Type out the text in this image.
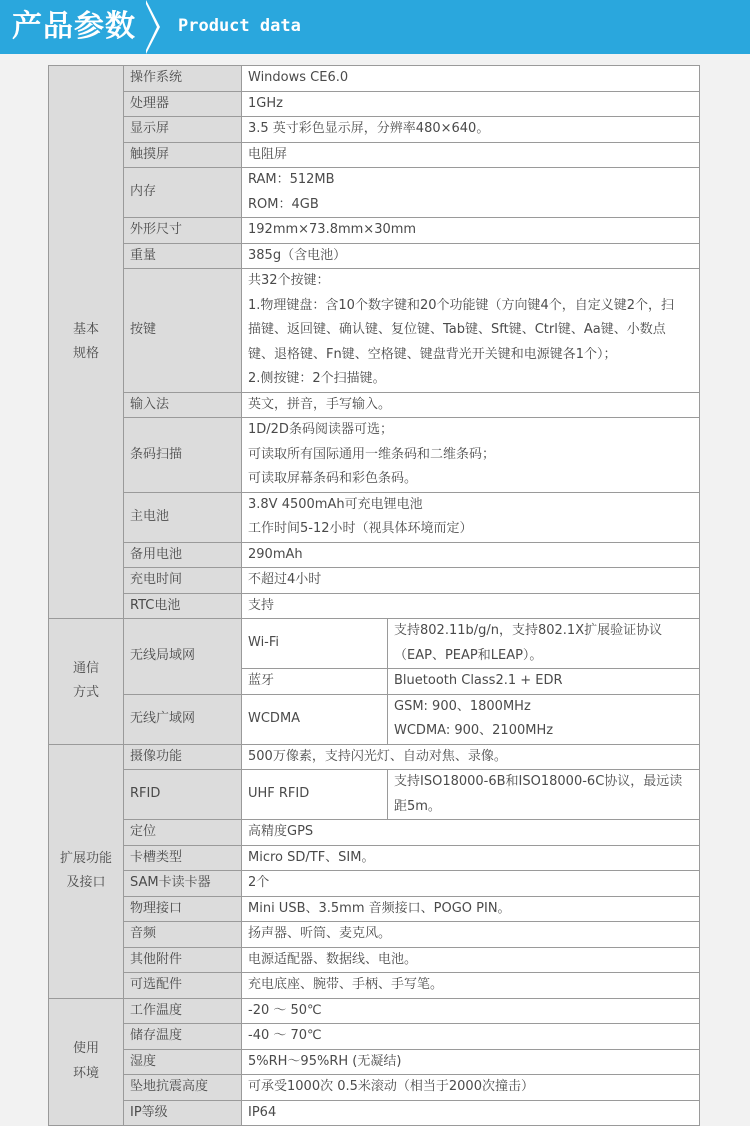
产品参数 Product data
基本
规格	操作系统	Windows CE6.0	
	处理器	1GHz	
	显示屏	3.5 英寸彩色显示屏，分辨率480×640。	
	触摸屏	电阻屏	
	内存	RAM：512MB
ROM：4GB	

	外形尺寸	192mm×73.8mm×30mm	
	重量	385g（含电池）	
	按键	共32个按键：
1.物理键盘：含10个数字键和20个功能键（方向键4个，自定义键2个，扫
描键、返回键、确认键、复位键、Tab键、Sft键、Ctrl键、Aa键、小数点
键、退格键、Fn键、空格键、键盘背光开关键和电源键各1个）；
2.侧按键：2个扫描键。	

	输入法	英文，拼音，手写输入。	
	条码扫描	1D/2D条码阅读器可选；
可读取所有国际通用一维条码和二维条码；
可读取屏幕条码和彩色条码。	

	主电池	3.8V 4500mAh可充电锂电池
工作时间5-12小时（视具体环境而定）	

	备用电池	290mAh	
	充电时间	不超过4小时	
	RTC电池	支持	

通信
方式	无线局域网	Wi-Fi	支持802.11b/g/n，支持802.1X扩展验证协议
（EAP、PEAP和LEAP）。

		蓝牙	Bluetooth Class2.1 + EDR
	无线广域网	WCDMA	GSM: 900、1800MHz
WCDMA: 900、2100MHz

扩展功能
及接口	摄像功能	500万像素，支持闪光灯、自动对焦、录像。	
	RFID	UHF RFID	支持ISO18000-6B和ISO18000-6C协议，最远读
距5m。

	定位	高精度GPS	
	卡槽类型	Micro SD/TF、SIM。	
	SAM卡读卡器	2个	
	物理接口	Mini USB、3.5mm 音频接口、POGO PIN。	
	音频	扬声器、听筒、麦克风。	
	其他附件	电源适配器、数据线、电池。	
	可选配件	充电底座、腕带、手柄、手写笔。	

使用
环境	工作温度	-20 ～ 50℃	
	储存温度	-40 ～ 70℃	
	湿度	5%RH～95%RH (无凝结)	
	坠地抗震高度	可承受1000次 0.5米滚动（相当于2000次撞击）	
	IP等级	IP64	
